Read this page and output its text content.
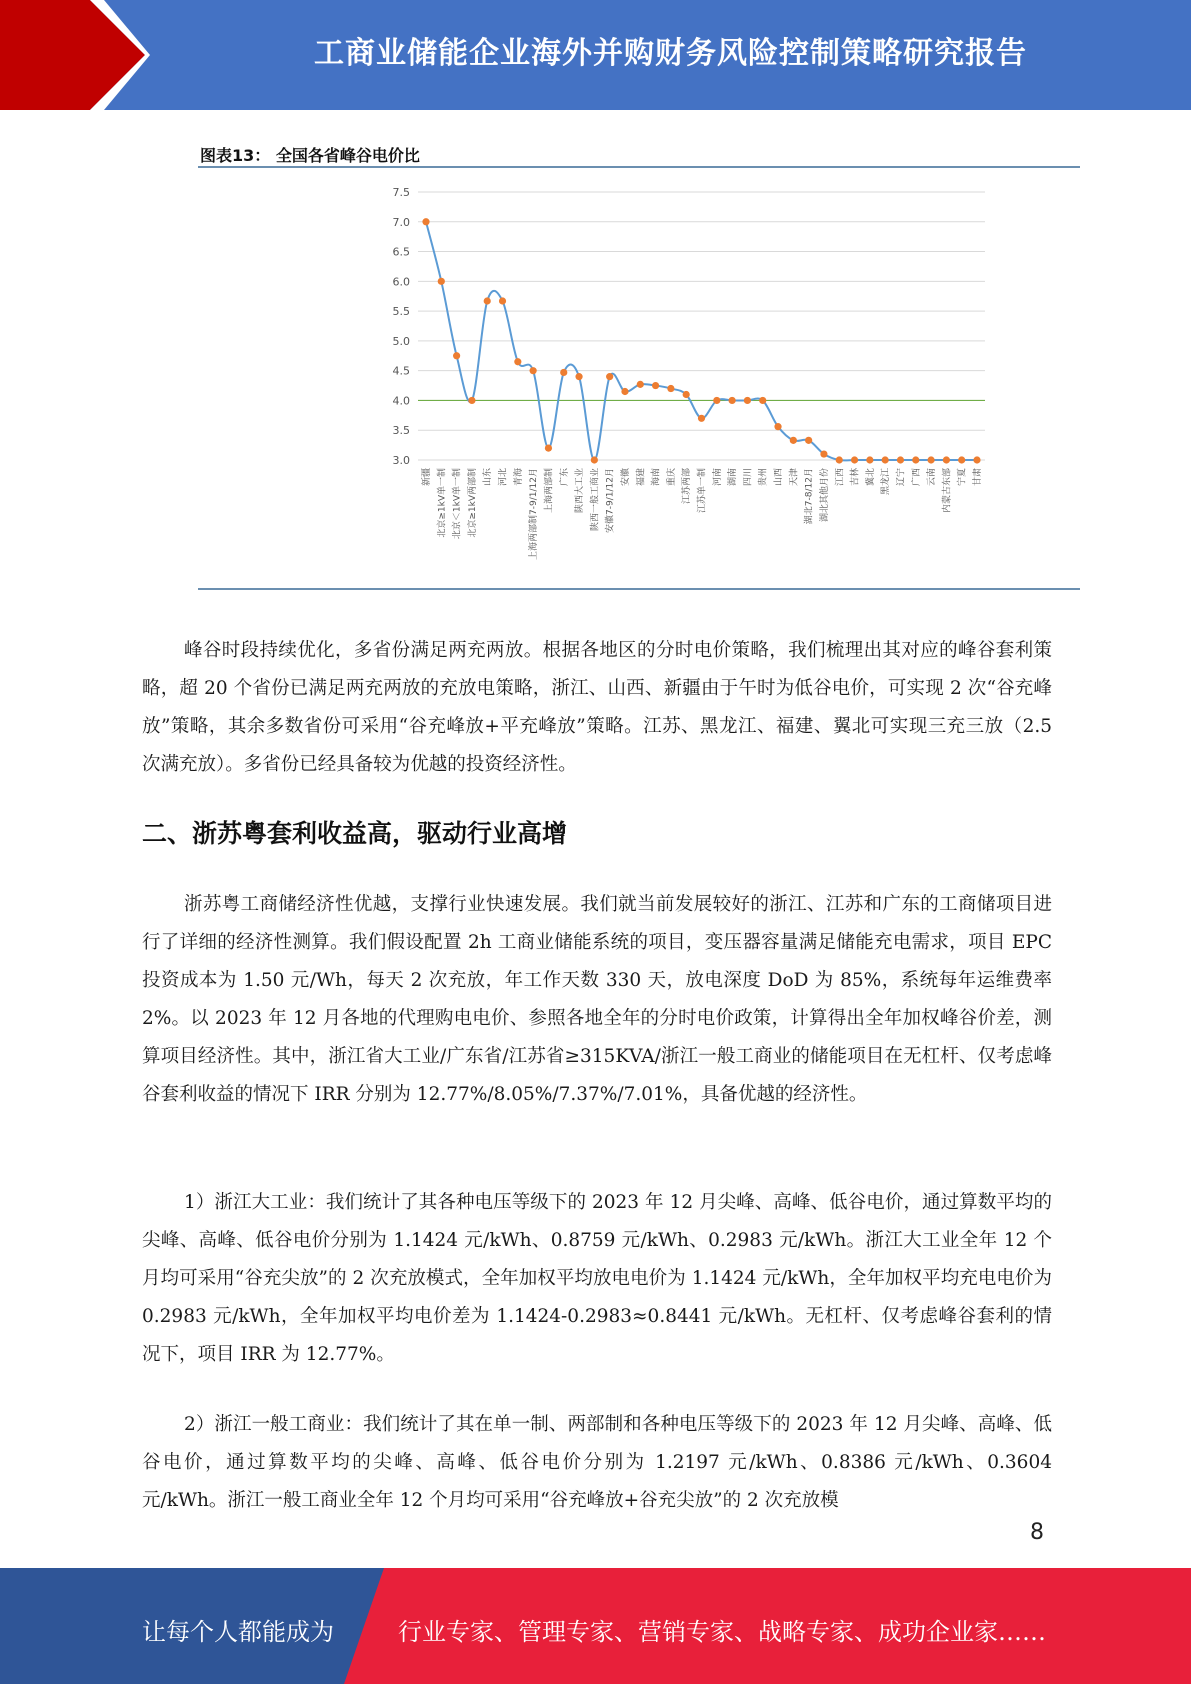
工商业储能企业海外并购财务风险控制策略研究报告
图表13： 全国各省峰谷电价比
7.5
7.0
6.5
6.0
5.5
5.0
4.5
4.0
3.5
3.0
新疆 北京≥1kV单一制 北京＜1kV单一制 北京≥1kV两部制 山东 河北 青海 上海两部制7-9/1/12月 上海两部制 广东 陕西大工业 陕西一般工商业 安徽7-9/1/12月 安徽 福建 海南 重庆 江苏两部 江苏单一制 河南 湖南 四川 贵州 山西 天津 湖北7-8/12月 湖北其他月份 江西 吉林 冀北 黑龙江 辽宁 广西 云南 内蒙古东部 宁夏 甘肃

峰谷时段持续优化，多省份满足两充两放。根据各地区的分时电价策略，我们梳理出其对应的峰谷套利策略，超 20 个省份已满足两充两放的充放电策略，浙江、山西、新疆由于午时为低谷电价，可实现 2 次“谷充峰放”策略，其余多数省份可采用“谷充峰放+平充峰放”策略。江苏、黑龙江、福建、翼北可实现三充三放（2.5 次满充放）。多省份已经具备较为优越的投资经济性。

二、浙苏粤套利收益高，驱动行业高增

浙苏粤工商储经济性优越，支撑行业快速发展。我们就当前发展较好的浙江、江苏和广东的工商储项目进行了详细的经济性测算。我们假设配置 2h 工商业储能系统的项目，变压器容量满足储能充电需求，项目 EPC 投资成本为 1.50 元/Wh，每天 2 次充放，年工作天数 330 天，放电深度 DoD 为 85%，系统每年运维费率 2%。以 2023 年 12 月各地的代理购电电价、参照各地全年的分时电价政策，计算得出全年加权峰谷价差，测算项目经济性。其中，浙江省大工业/广东省/江苏省≥315KVA/浙江一般工商业的储能项目在无杠杆、仅考虑峰谷套利收益的情况下 IRR 分别为 12.77%/8.05%/7.37%/7.01%，具备优越的经济性。

1）浙江大工业：我们统计了其各种电压等级下的 2023 年 12 月尖峰、高峰、低谷电价，通过算数平均的尖峰、高峰、低谷电价分别为 1.1424 元/kWh、0.8759 元/kWh、0.2983 元/kWh。浙江大工业全年 12 个月均可采用“谷充尖放”的 2 次充放模式，全年加权平均放电电价为 1.1424 元/kWh，全年加权平均充电电价为 0.2983 元/kWh，全年加权平均电价差为 1.1424-0.2983≈0.8441 元/kWh。无杠杆、仅考虑峰谷套利的情况下，项目 IRR 为 12.77%。

2）浙江一般工商业：我们统计了其在单一制、两部制和各种电压等级下的 2023 年 12 月尖峰、高峰、低谷电价，通过算数平均的尖峰、高峰、低谷电价分别为 1.2197 元/kWh、0.8386 元/kWh、0.3604 元/kWh。浙江一般工商业全年 12 个月均可采用“谷充峰放+谷充尖放”的 2 次充放模

8
让每个人都能成为	行业专家、管理专家、营销专家、战略专家、成功企业家……
